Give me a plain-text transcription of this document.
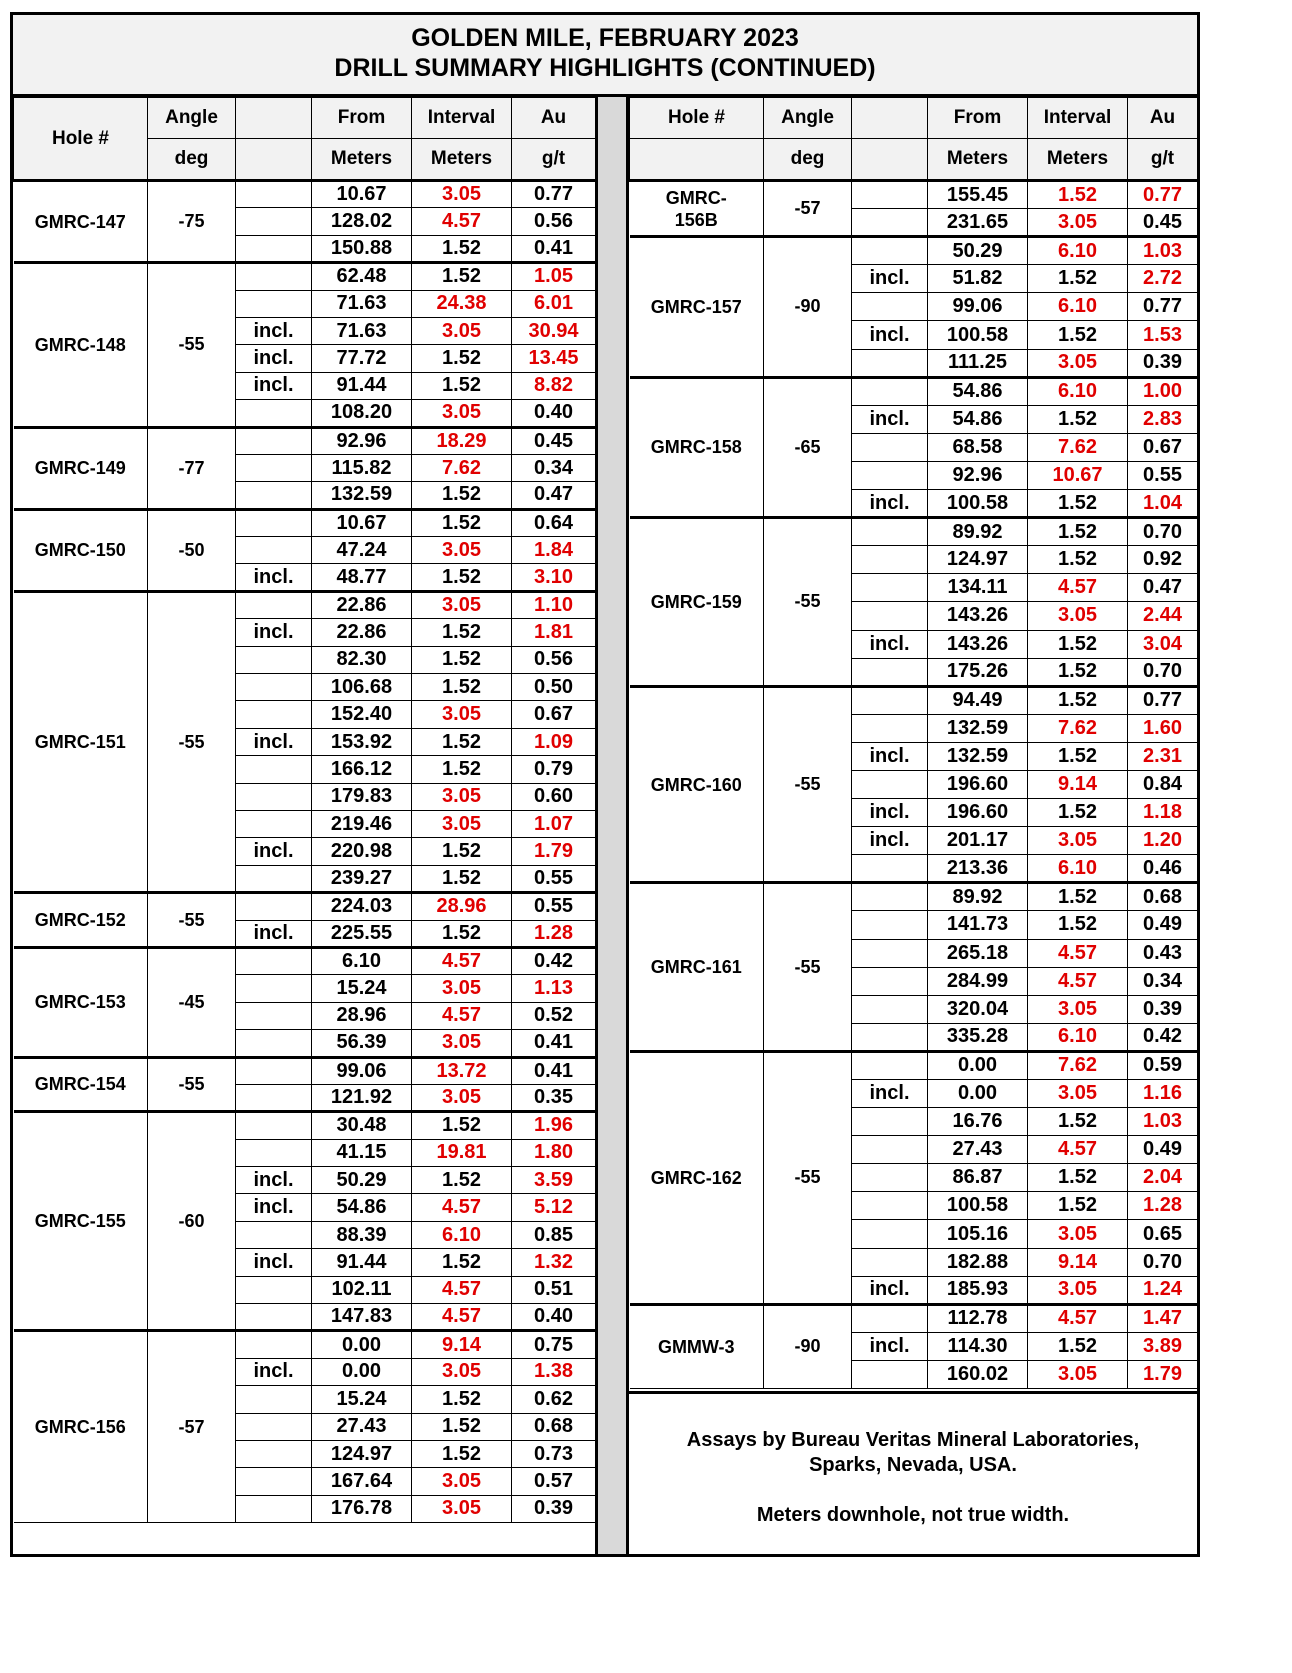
GOLDEN MILE, FEBRUARY 2023
DRILL SUMMARY HIGHLIGHTS (CONTINUED)
Hole #	Angle		From	Interval	Au
	deg		Meters	Meters	g/t
GMRC-147	-75		10.67	3.05	0.77
			128.02	4.57	0.56
			150.88	1.52	0.41
GMRC-148	-55		62.48	1.52	1.05
			71.63	24.38	6.01
		incl.	71.63	3.05	30.94
		incl.	77.72	1.52	13.45
		incl.	91.44	1.52	8.82
			108.20	3.05	0.40
GMRC-149	-77		92.96	18.29	0.45
			115.82	7.62	0.34
			132.59	1.52	0.47
GMRC-150	-50		10.67	1.52	0.64
			47.24	3.05	1.84
		incl.	48.77	1.52	3.10
GMRC-151	-55		22.86	3.05	1.10
		incl.	22.86	1.52	1.81
			82.30	1.52	0.56
			106.68	1.52	0.50
			152.40	3.05	0.67
		incl.	153.92	1.52	1.09
			166.12	1.52	0.79
			179.83	3.05	0.60
			219.46	3.05	1.07
		incl.	220.98	1.52	1.79
			239.27	1.52	0.55
GMRC-152	-55		224.03	28.96	0.55
		incl.	225.55	1.52	1.28
GMRC-153	-45		6.10	4.57	0.42
			15.24	3.05	1.13
			28.96	4.57	0.52
			56.39	3.05	0.41
GMRC-154	-55		99.06	13.72	0.41
			121.92	3.05	0.35
GMRC-155	-60		30.48	1.52	1.96
			41.15	19.81	1.80
		incl.	50.29	1.52	3.59
		incl.	54.86	4.57	5.12
			88.39	6.10	0.85
		incl.	91.44	1.52	1.32
			102.11	4.57	0.51
			147.83	4.57	0.40
GMRC-156	-57		0.00	9.14	0.75
		incl.	0.00	3.05	1.38
			15.24	1.52	0.62
			27.43	1.52	0.68
			124.97	1.52	0.73
			167.64	3.05	0.57
			176.78	3.05	0.39
Hole #	Angle		From	Interval	Au
	deg		Meters	Meters	g/t
GMRC-
156B	-57		155.45	1.52	0.77
			231.65	3.05	0.45
GMRC-157	-90		50.29	6.10	1.03
		incl.	51.82	1.52	2.72
			99.06	6.10	0.77
		incl.	100.58	1.52	1.53
			111.25	3.05	0.39
GMRC-158	-65		54.86	6.10	1.00
		incl.	54.86	1.52	2.83
			68.58	7.62	0.67
			92.96	10.67	0.55
		incl.	100.58	1.52	1.04
GMRC-159	-55		89.92	1.52	0.70
			124.97	1.52	0.92
			134.11	4.57	0.47
			143.26	3.05	2.44
		incl.	143.26	1.52	3.04
			175.26	1.52	0.70
GMRC-160	-55		94.49	1.52	0.77
			132.59	7.62	1.60
		incl.	132.59	1.52	2.31
			196.60	9.14	0.84
		incl.	196.60	1.52	1.18
		incl.	201.17	3.05	1.20
			213.36	6.10	0.46
GMRC-161	-55		89.92	1.52	0.68
			141.73	1.52	0.49
			265.18	4.57	0.43
			284.99	4.57	0.34
			320.04	3.05	0.39
			335.28	6.10	0.42
GMRC-162	-55		0.00	7.62	0.59
		incl.	0.00	3.05	1.16
			16.76	1.52	1.03
			27.43	4.57	0.49
			86.87	1.52	2.04
			100.58	1.52	1.28
			105.16	3.05	0.65
			182.88	9.14	0.70
		incl.	185.93	3.05	1.24
GMMW-3	-90		112.78	4.57	1.47
		incl.	114.30	1.52	3.89
			160.02	3.05	1.79

Assays by Bureau Veritas Mineral Laboratories,

Sparks, Nevada, USA.

Meters downhole, not true width.
